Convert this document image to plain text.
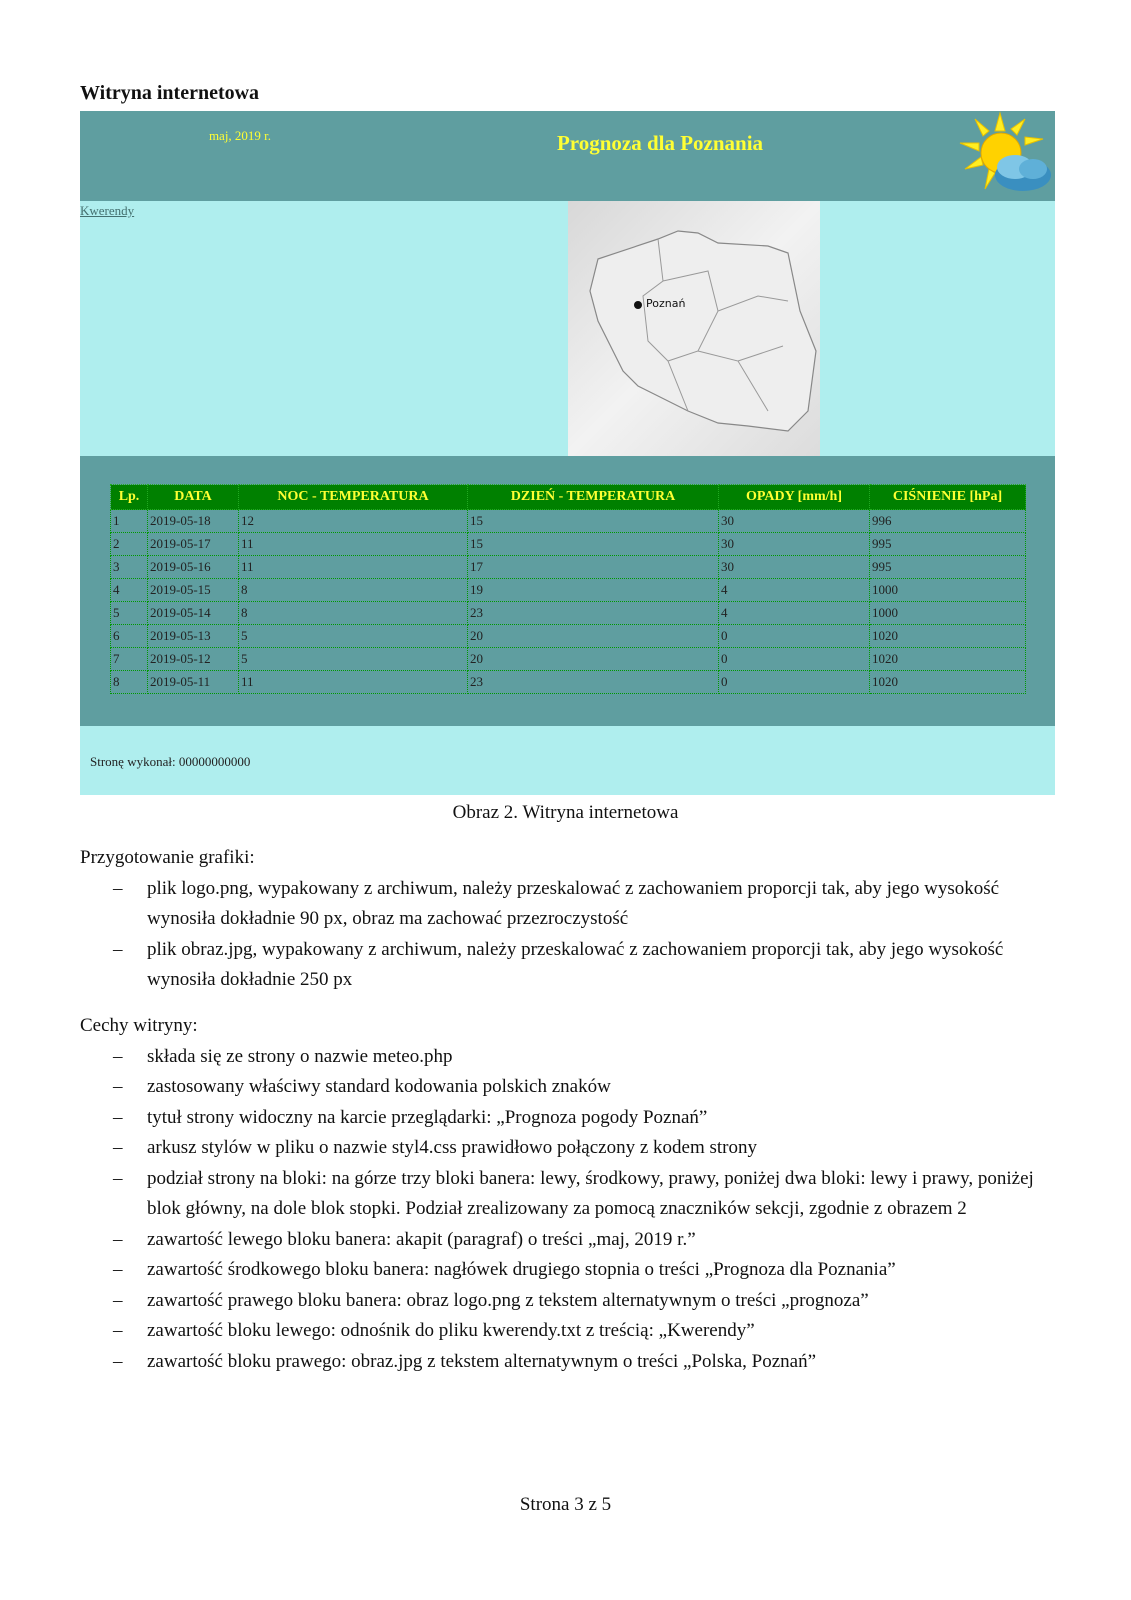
Witryna internetowa

maj, 2019 r.	Prognoza dla Poznania
Kwerendy
Poznań
Lp.	DATA	NOC - TEMPERATURA	DZIEŃ - TEMPERATURA	OPADY [mm/h]	CIŚNIENIE [hPa]
1	2019-05-18	12	15	30	996
2	2019-05-17	11	15	30	995
3	2019-05-16	11	17	30	995
4	2019-05-15	8	19	4	1000
5	2019-05-14	8	23	4	1000
6	2019-05-13	5	20	0	1020
7	2019-05-12	5	20	0	1020
8	2019-05-11	11	23	0	1020

Stronę wykonał: 00000000000

Obraz 2. Witryna internetowa

Przygotowanie grafiki:

– plik logo.png, wypakowany z archiwum, należy przeskalować z zachowaniem proporcji tak, aby jego wysokość wynosiła dokładnie 90 px, obraz ma zachować przezroczystość
– plik obraz.jpg, wypakowany z archiwum, należy przeskalować z zachowaniem proporcji tak, aby jego wysokość wynosiła dokładnie 250 px

Cechy witryny:

– składa się ze strony o nazwie meteo.php
– zastosowany właściwy standard kodowania polskich znaków
– tytuł strony widoczny na karcie przeglądarki: „Prognoza pogody Poznań”
– arkusz stylów w pliku o nazwie styl4.css prawidłowo połączony z kodem strony
– podział strony na bloki: na górze trzy bloki banera: lewy, środkowy, prawy, poniżej dwa bloki: lewy i prawy, poniżej blok główny, na dole blok stopki. Podział zrealizowany za pomocą znaczników sekcji, zgodnie z obrazem 2
– zawartość lewego bloku banera: akapit (paragraf) o treści „maj, 2019 r.”
– zawartość środkowego bloku banera: nagłówek drugiego stopnia o treści „Prognoza dla Poznania”
– zawartość prawego bloku banera: obraz logo.png z tekstem alternatywnym o treści „prognoza”
– zawartość bloku lewego: odnośnik do pliku kwerendy.txt z treścią: „Kwerendy”
– zawartość bloku prawego: obraz.jpg z tekstem alternatywnym o treści „Polska, Poznań”

Strona 3 z 5
